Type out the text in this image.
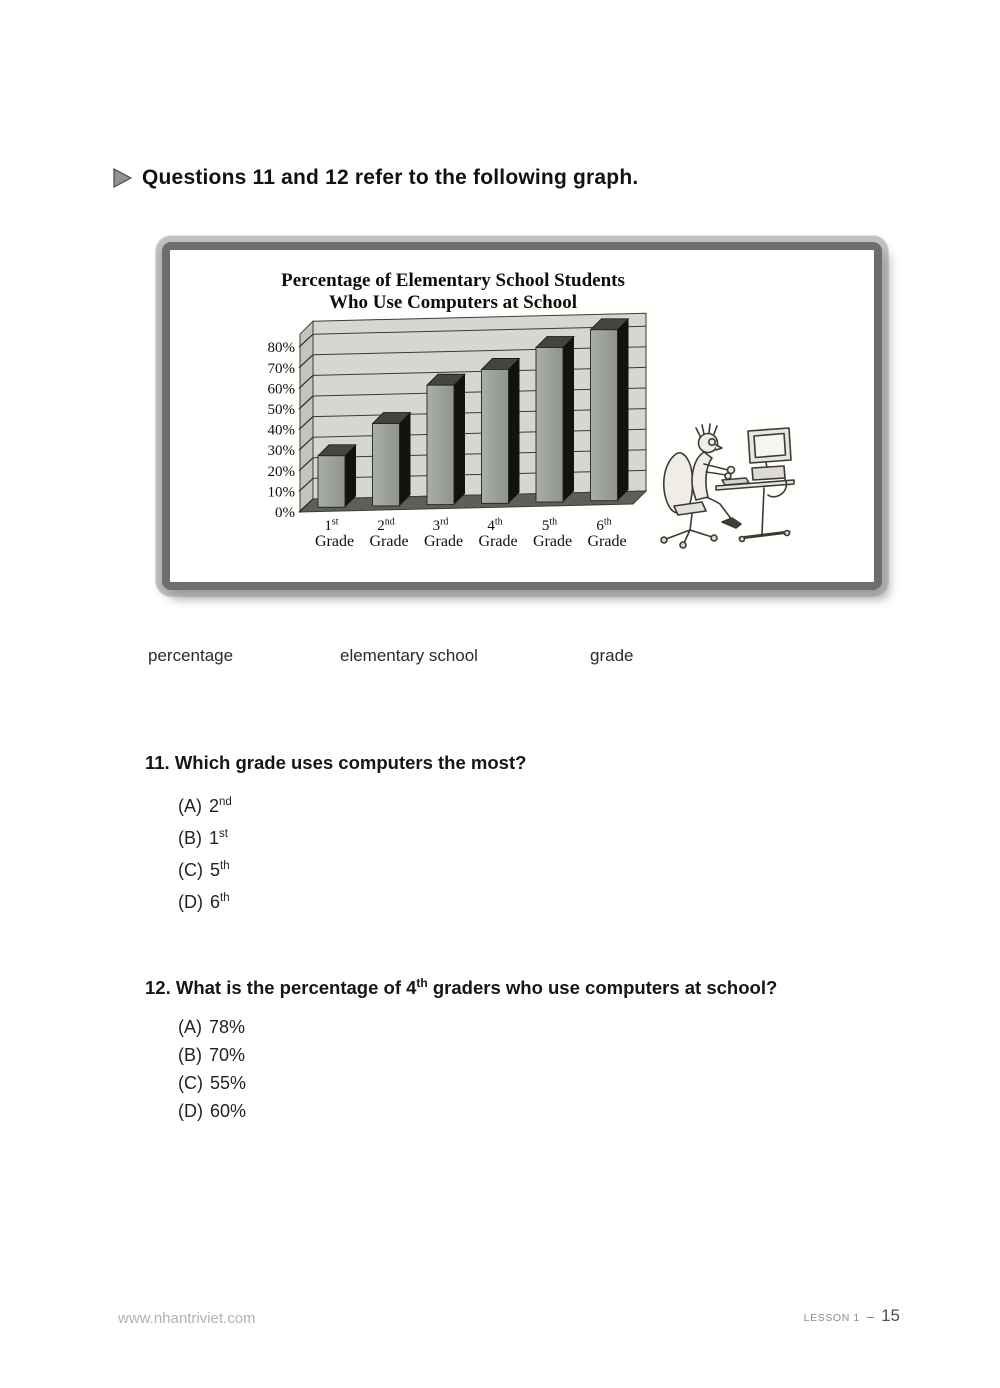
Questions 11 and 12 refer to the following graph.
Percentage of Elementary School Students
Who Use Computers at School
0%
10%
20%
30%
40%
50%
60%
70%
80%
1st
Grade
2nd
Grade
3rd
Grade
4th
Grade
5th
Grade
6th
Grade
percentage	elementary school	grade
11. Which grade uses computers the most?
(A) 2nd
(B) 1st
(C) 5th
(D) 6th
12. What is the percentage of 4th graders who use computers at school?
(A) 78%
(B) 70%
(C) 55%
(D) 60%
www.nhantriviet.com	LESSON 1 – 15
